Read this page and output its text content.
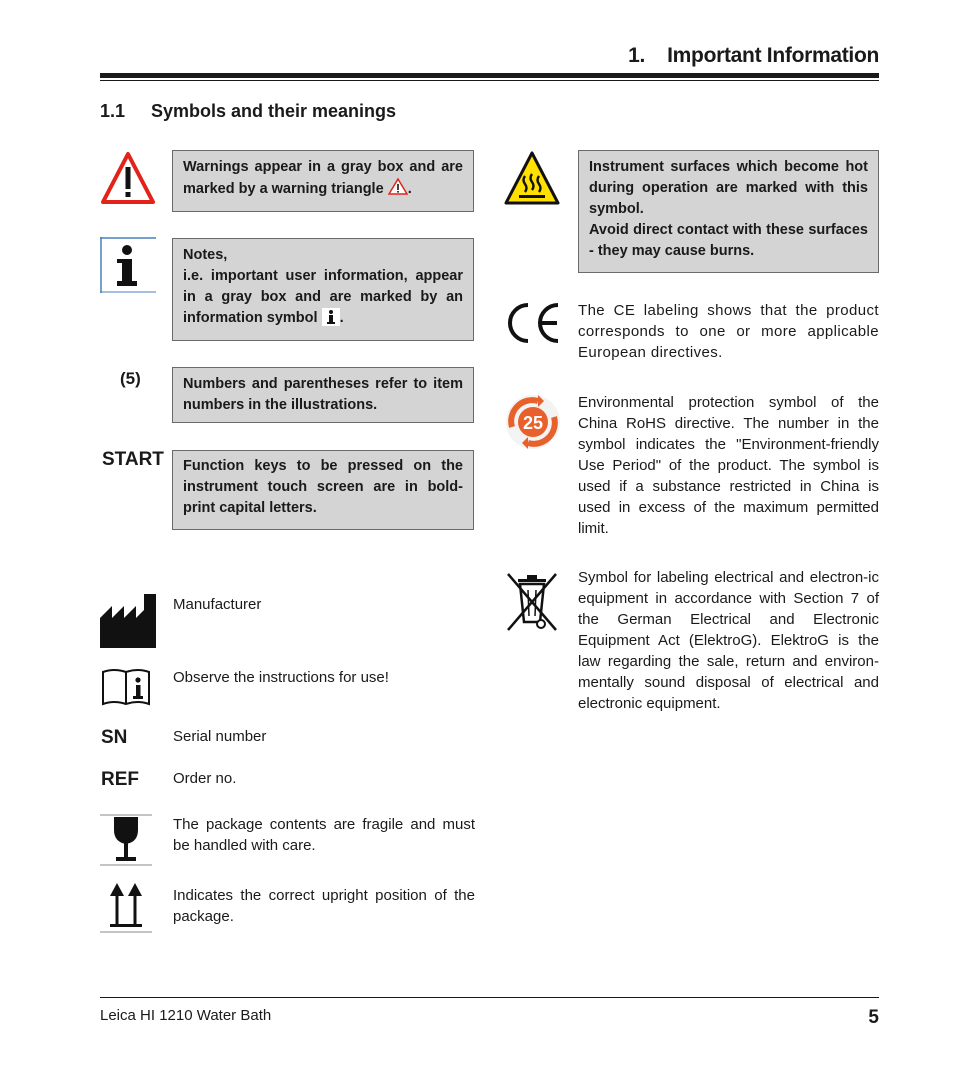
1.    Important Information
1.1 Symbols and their meanings
Warnings appear in a gray box and are marked by a warning triangle .
Notes,
i.e. important user information, appear in a gray box and are marked by an information symbol .
(5)	Numbers and parentheses refer to item numbers in the illustrations.
START	Function keys to be pressed on the instrument touch screen are in bold-print capital letters.
Manufacturer
Observe the instructions for use!
SN	Serial number
REF Order no.
The package contents are fragile and must be handled with care.
Indicates the correct upright position of the package.
Instrument surfaces which become hot during operation are marked with this symbol.
Avoid direct contact with these surfaces - they may cause burns.
The CE labeling shows that the product corresponds to one or more applicable European directives.
25
Environmental protection symbol of the China RoHS directive. The number in the symbol indicates the "Environment-friendly Use Period" of the product. The symbol is used if a substance restricted in China is used in excess of the maximum permitted limit.
Symbol for labeling electrical and electron-ic equipment in accordance with Section 7 of the German Electrical and Electronic Equipment Act (ElektroG). ElektroG is the law regarding the sale, return and environ-mentally sound disposal of electrical and electronic equipment.
Leica HI 1210 Water Bath	5
